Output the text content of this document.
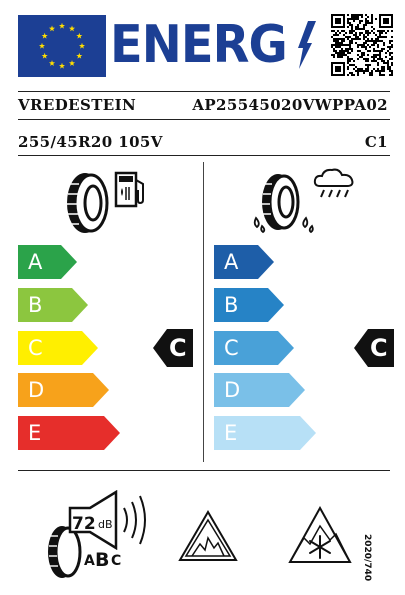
ENERG
VREDESTEIN	AP25545020VWPPA02
255/45R20 105V	C1
A
B
C
D
E
C
A
B
C
D
E
C
72 dB
A B C	2020/740
